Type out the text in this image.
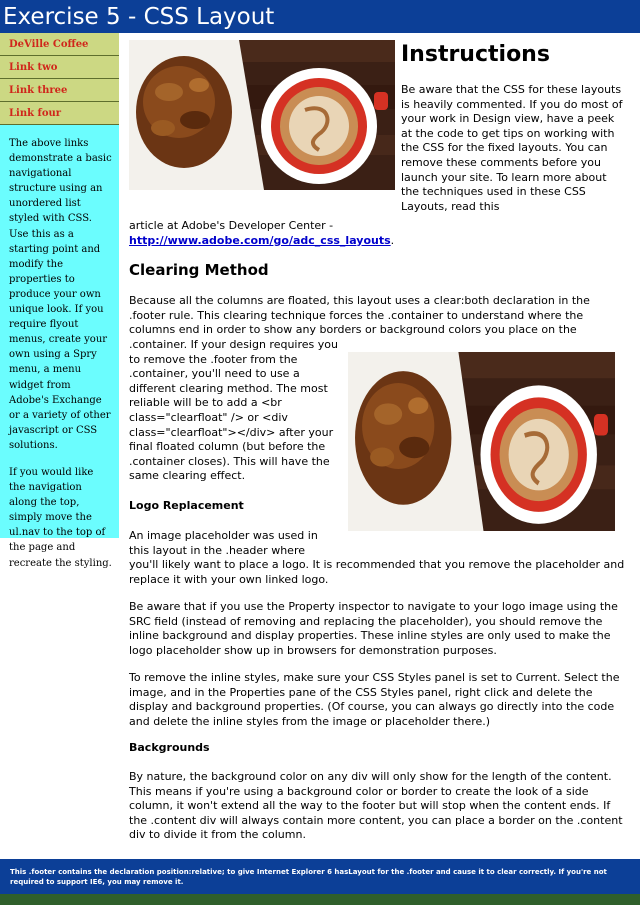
Exercise 5 - CSS Layout
DeVille Coffee
Link two
Link three
Link four

The above links demonstrate a basic navigational structure using an unordered list styled with CSS. Use this as a starting point and modify the properties to produce your own unique look. If you require flyout menus, create your own using a Spry menu, a menu widget from Adobe's Exchange or a variety of other javascript or CSS solutions.

If you would like the navigation along the top, simply move the ul.nav to the top of the page and recreate the styling.

Instructions

Be aware that the CSS for these layouts is heavily commented. If you do most of your work in Design view, have a peek at the code to get tips on working with the CSS for the fixed layouts. You can remove these comments before you launch your site. To learn more about the techniques used in these CSS Layouts, read this

article at Adobe's Developer Center -
http://www.adobe.com/go/adc_css_layouts.

Clearing Method

Because all the columns are floated, this layout uses a clear:both declaration in the .footer rule. This clearing technique forces the .container to understand where the columns end in order to show any borders or background colors you place on the

.container. If your design requires you to remove the .footer from the .container, you'll need to use a different clearing method. The most reliable will be to add a <br class="clearfloat" /> or <div class="clearfloat"></div> after your final floated column (but before the .container closes). This will have the same clearing effect.

Logo Replacement

An image placeholder was used in this layout in the .header where

you'll likely want to place a logo. It is recommended that you remove the placeholder and replace it with your own linked logo.

Be aware that if you use the Property inspector to navigate to your logo image using the SRC field (instead of removing and replacing the placeholder), you should remove the inline background and display properties. These inline styles are only used to make the logo placeholder show up in browsers for demonstration purposes.

To remove the inline styles, make sure your CSS Styles panel is set to Current. Select the image, and in the Properties pane of the CSS Styles panel, right click and delete the display and background properties. (Of course, you can always go directly into the code and delete the inline styles from the image or placeholder there.)

Backgrounds

By nature, the background color on any div will only show for the length of the content. This means if you're using a background color or border to create the look of a side column, it won't extend all the way to the footer but will stop when the content ends. If the .content div will always contain more content, you can place a border on the .content div to divide it from the column.

This .footer contains the declaration position:relative; to give Internet Explorer 6 hasLayout for the .footer and cause it to clear correctly. If you're not required to support IE6, you may remove it.
